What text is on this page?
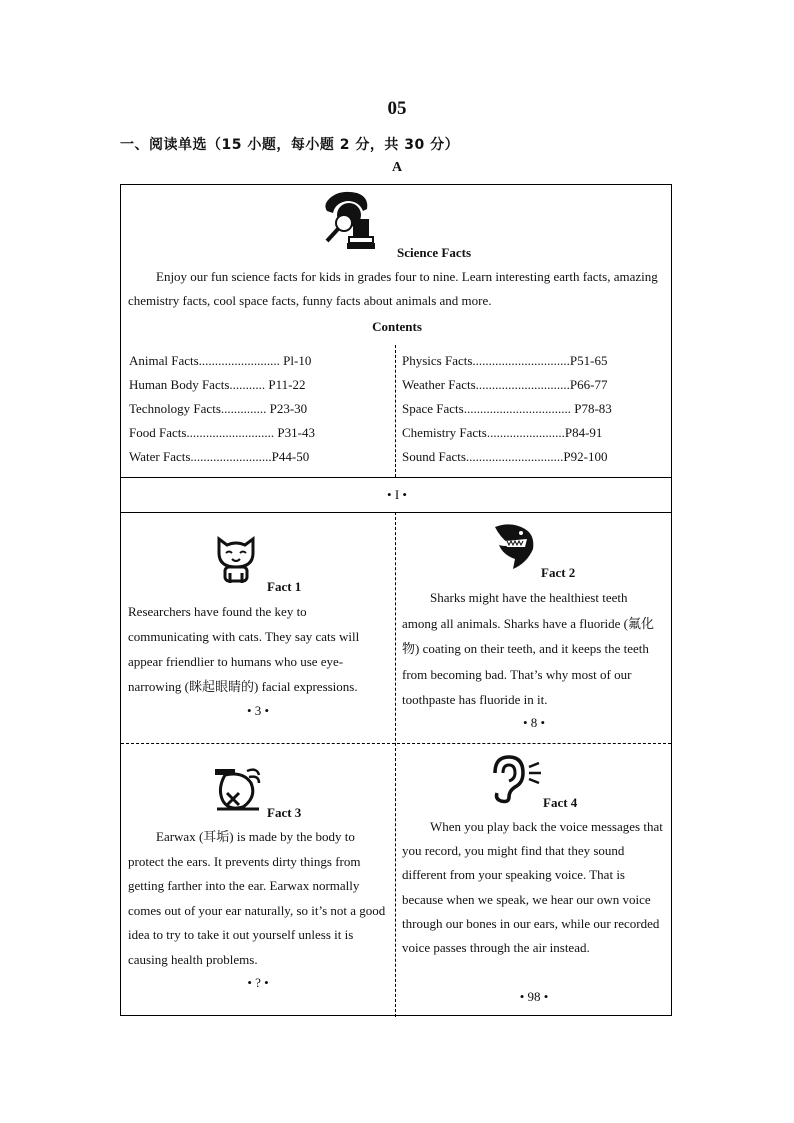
05
一、阅读单选（15 小题，每小题 2 分，共 30 分）
A
Science Facts
Enjoy our fun science facts for kids in grades four to nine. Learn interesting earth facts, amazing chemistry facts, cool space facts, funny facts about animals and more.
Contents
Animal Facts......................... Pl-10
Human Body Facts........... P11-22
Technology Facts.............. P23-30
Food Facts........................... P31-43
Water Facts.........................P44-50
Physics Facts..............................P51-65
Weather Facts.............................P66-77
Space Facts................................. P78-83
Chemistry Facts........................P84-91
Sound Facts..............................P92-100
• I •
Fact 1
Researchers have found the key to communicating with cats. They say cats will appear friendlier to humans who use eye-narrowing (眯起眼睛的) facial expressions.
• 3 •
Fact 2
Sharks might have the healthiest teeth among all animals. Sharks have a fluoride (氟化物) coating on their teeth, and it keeps the teeth from becoming bad. That’s why most of our toothpaste has fluoride in it.
• 8 •
Fact 3
Earwax (耳垢) is made by the body to protect the ears. It prevents dirty things from getting farther into the ear. Earwax normally comes out of your ear naturally, so it’s not a good idea to try to take it out yourself unless it is causing health problems.
• ? •
Fact 4
When you play back the voice messages that you record, you might find that they sound different from your speaking voice. That is because when we speak, we hear our own voice through our bones in our ears, while our recorded voice passes through the air instead.
• 98 •
